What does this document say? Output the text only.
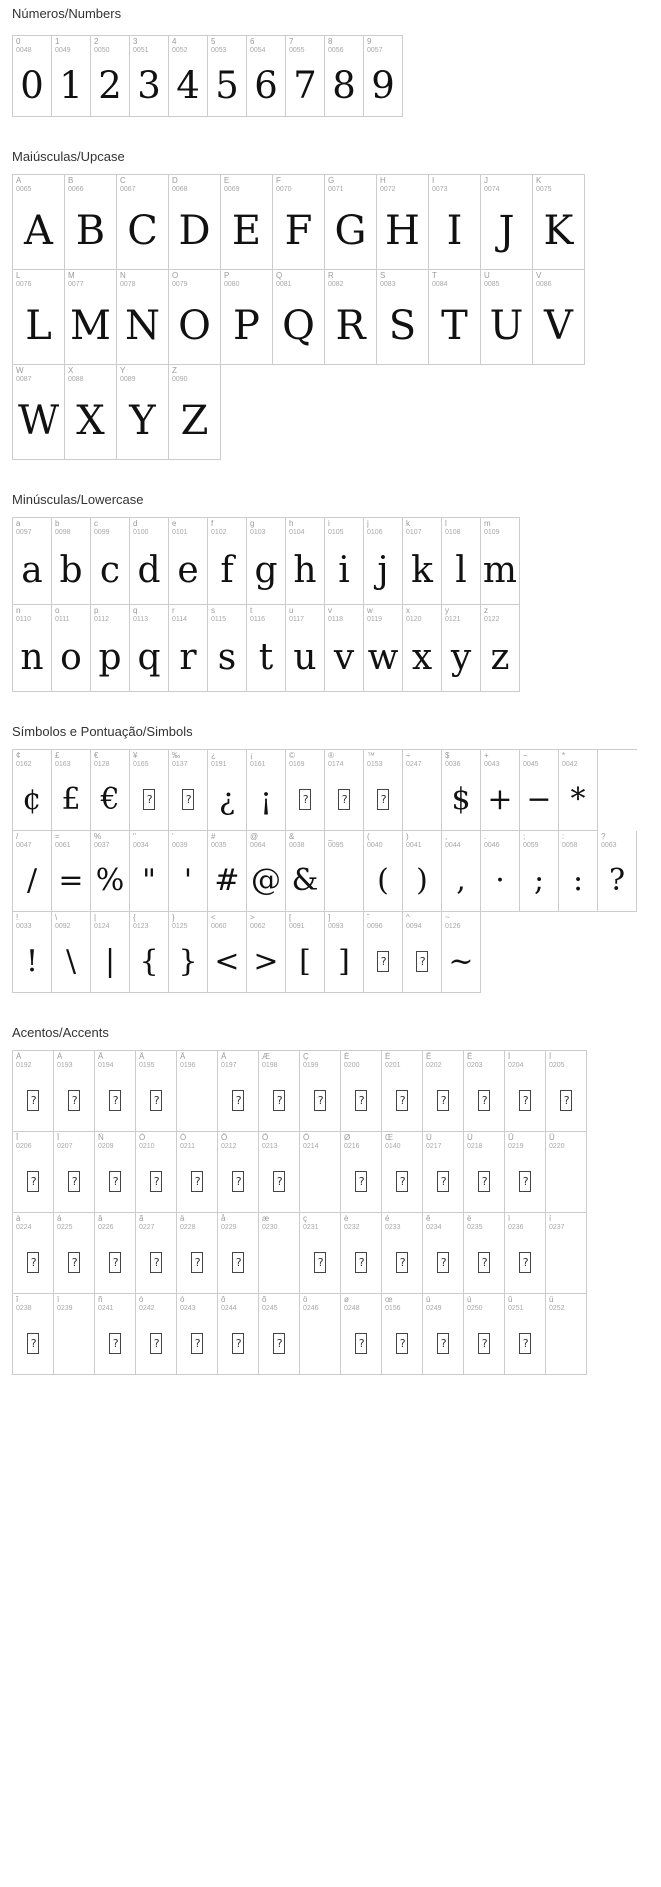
Números/Numbers
0
0048
0
1
0049
1
2
0050
2
3
0051
3
4
0052
4
5
0053
5
6
0054
6
7
0055
7
8
0056
8
9
0057
9
Maiúsculas/Upcase
A
0065
A
B
0066
B
C
0067
C
D
0068
D
E
0069
E
F
0070
F
G
0071
G
H
0072
H
I
0073
I
J
0074
J
K
0075
K
L
0076
L
M
0077
M
N
0078
N
O
0079
O
P
0080
P
Q
0081
Q
R
0082
R
S
0083
S
T
0084
T
U
0085
U
V
0086
V
W
0087
W
X
0088
X
Y
0089
Y
Z
0090
Z
Minúsculas/Lowercase
a
0097
a
b
0098
b
c
0099
c
d
0100
d
e
0101
e
f
0102
f
g
0103
g
h
0104
h
i
0105
i
j
0106
j
k
0107
k
l
0108
l
m
0109
m
n
0110
n
o
0111
o
p
0112
p
q
0113
q
r
0114
r
s
0115
s
t
0116
t
u
0117
u
v
0118
v
w
0119
w
x
0120
x
y
0121
y
z
0122
z
Símbolos e Pontuação/Simbols
¢
0162
¢
£
0163
£
€
0128
€
¥
0165
?
‰
0137
?
¿
0191
¿
¡
0161
¡
©
0169
?
®
0174
?
™
0153
?
÷
0247
$
0036
$
+
0043
+
−
0045
−
*
0042
*
/
0047
/
=
0061
=
%
0037
%
"
0034
"
'
0039
'
#
0035
#
@
0064
@
&
0038
&
_
0095
(
0040
(
)
0041
)
,
0044
,
.
0046
·
;
0059
;
:
0058
:
?
0063
?
!
0033
!
\
0092
\
|
0124
|
{
0123
{
}
0125
}
<
0060
<
>
0062
>
[
0091
[
]
0093
]
˘
0096
?
^
0094
?
~
0126
~
Acentos/Accents
À
0192
?
Á
0193
?
Â
0194
?
Ã
0195
?
Ä
0196
Å
0197
?
Æ
0198
?
Ç
0199
?
È
0200
?
É
0201
?
Ê
0202
?
Ë
0203
?
Ì
0204
?
Í
0205
?
Î
0206
?
Ï
0207
?
Ñ
0209
?
Ò
0210
?
Ó
0211
?
Ô
0212
?
Õ
0213
?
Ö
0214
Ø
0216
?
Œ
0140
?
Ù
0217
?
Ú
0218
?
Û
0219
?
Ü
0220
à
0224
?
á
0225
?
â
0226
?
ã
0227
?
ä
0228
?
å
0229
?
æ
0230
ç
0231
?
è
0232
?
é
0233
?
ê
0234
?
ë
0235
?
ì
0236
?
í
0237
î
0238
?
ï
0239
ñ
0241
?
ò
0242
?
ó
0243
?
ô
0244
?
õ
0245
?
ö
0246
ø
0248
?
œ
0156
?
ù
0249
?
ú
0250
?
û
0251
?
ü
0252
